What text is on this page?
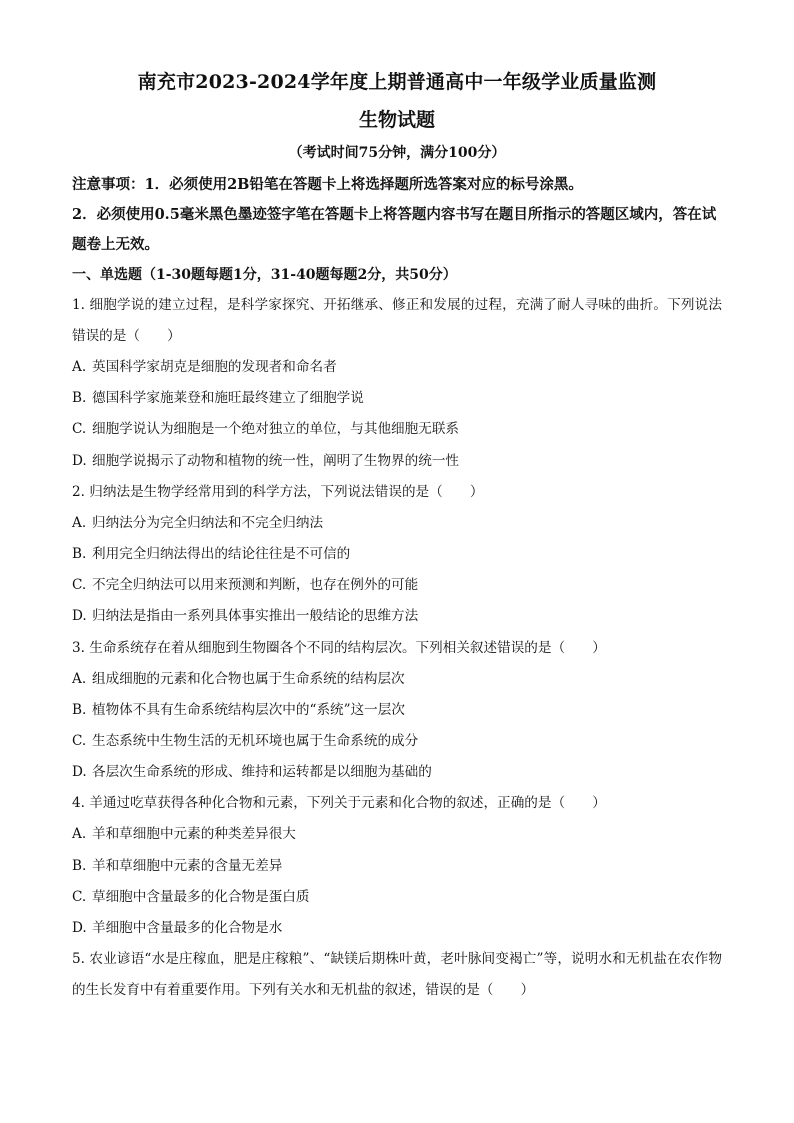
南充市2023-2024学年度上期普通高中一年级学业质量监测
生物试题
（考试时间75分钟，满分100分）
注意事项：1．必须使用2B铅笔在答题卡上将选择题所选答案对应的标号涂黑。
2．必须使用0.5毫米黑色墨迹签字笔在答题卡上将答题内容书写在题目所指示的答题区域内，答在试题卷上无效。
一、单选题（1-30题每题1分，31-40题每题2分，共50分）
1. 细胞学说的建立过程，是科学家探究、开拓继承、修正和发展的过程，充满了耐人寻味的曲折。下列说法错误的是（　　）
A. 英国科学家胡克是细胞的发现者和命名者
B. 德国科学家施莱登和施旺最终建立了细胞学说
C. 细胞学说认为细胞是一个绝对独立的单位，与其他细胞无联系
D. 细胞学说揭示了动物和植物的统一性，阐明了生物界的统一性
2. 归纳法是生物学经常用到的科学方法，下列说法错误的是（　　）
A. 归纳法分为完全归纳法和不完全归纳法
B. 利用完全归纳法得出的结论往往是不可信的
C. 不完全归纳法可以用来预测和判断，也存在例外的可能
D. 归纳法是指由一系列具体事实推出一般结论的思维方法
3. 生命系统存在着从细胞到生物圈各个不同的结构层次。下列相关叙述错误的是（　　）
A. 组成细胞的元素和化合物也属于生命系统的结构层次
B. 植物体不具有生命系统结构层次中的“系统”这一层次
C. 生态系统中生物生活的无机环境也属于生命系统的成分
D. 各层次生命系统的形成、维持和运转都是以细胞为基础的
4. 羊通过吃草获得各种化合物和元素，下列关于元素和化合物的叙述，正确的是（　　）
A. 羊和草细胞中元素的种类差异很大
B. 羊和草细胞中元素的含量无差异
C. 草细胞中含量最多的化合物是蛋白质
D. 羊细胞中含量最多的化合物是水
5. 农业谚语“水是庄稼血，肥是庄稼粮”、“缺镁后期株叶黄，老叶脉间变褐亡”等，说明水和无机盐在农作物的生长发育中有着重要作用。下列有关水和无机盐的叙述，错误的是（　　）
